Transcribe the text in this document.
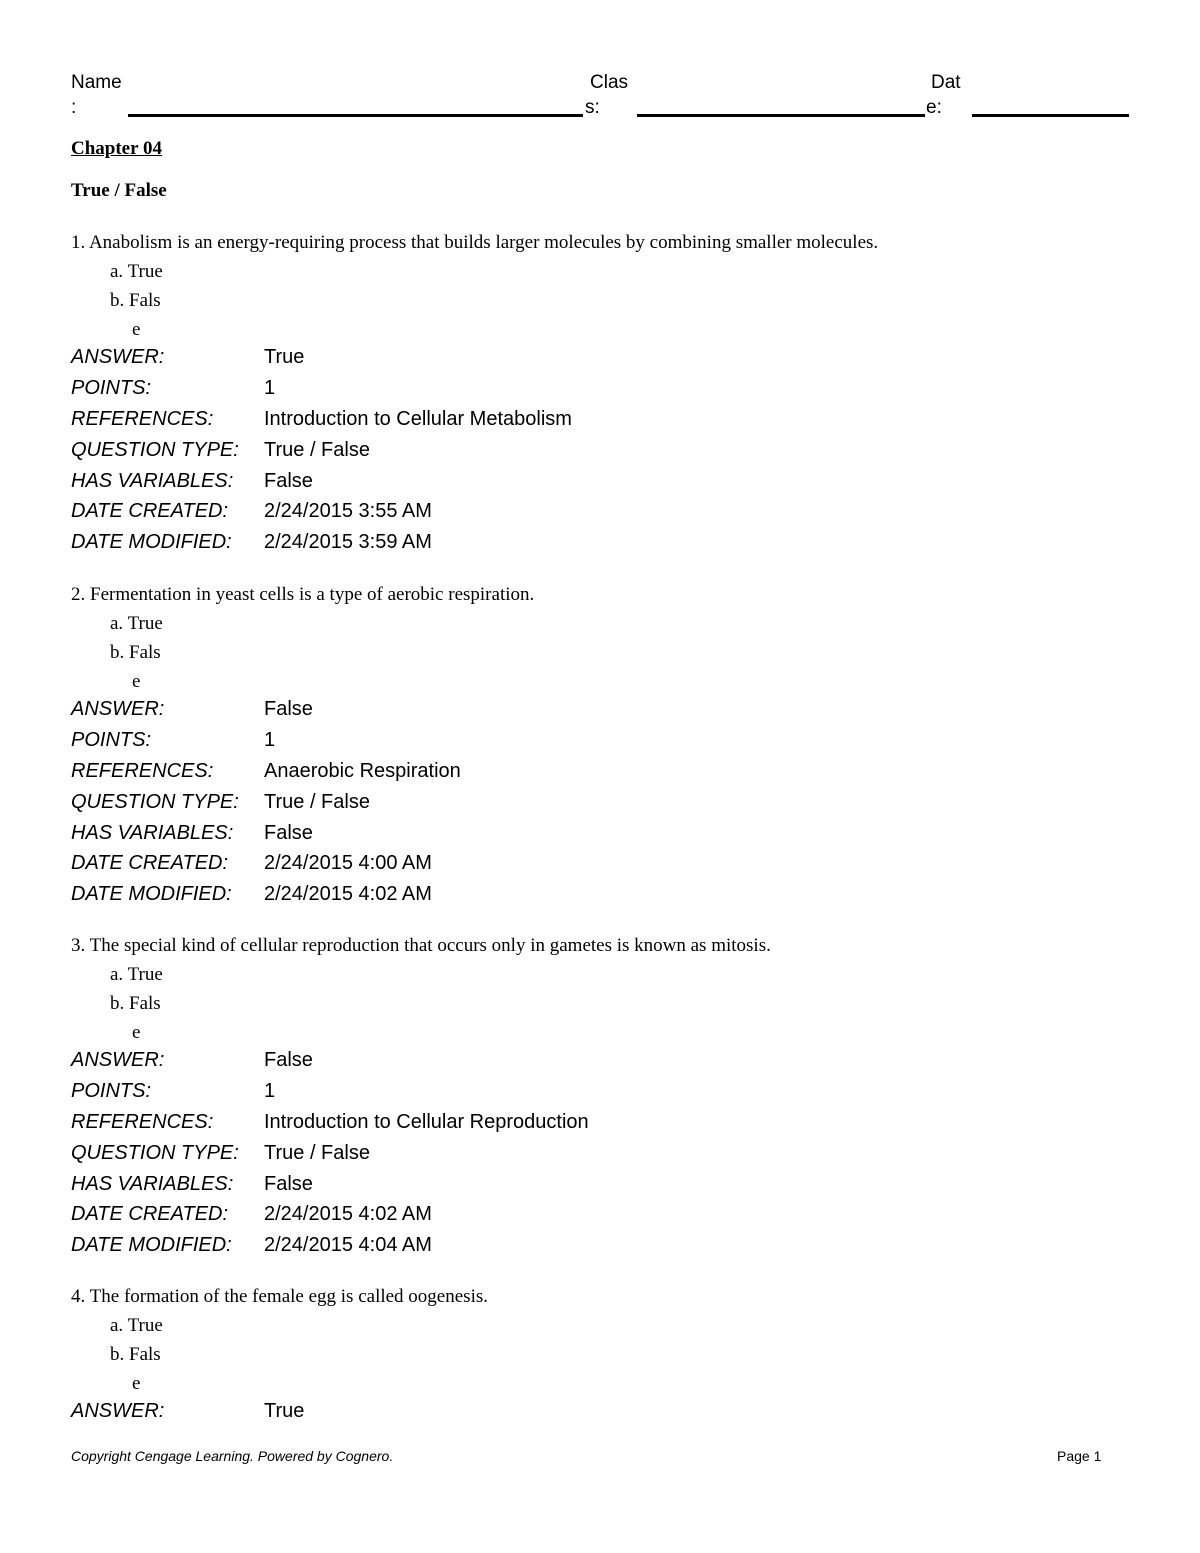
Name
:
Clas
s:
Dat
e:
Chapter 04
True / False
1. Anabolism is an energy-requiring process that builds larger molecules by combining smaller molecules.
a. True
b. Fals
e
ANSWER:	True
POINTS:	1
REFERENCES:	Introduction to Cellular Metabolism
QUESTION TYPE: True / False
HAS VARIABLES: False
DATE CREATED: 2/24/2015 3:55 AM
DATE MODIFIED: 2/24/2015 3:59 AM
2. Fermentation in yeast cells is a type of aerobic respiration.
a. True
b. Fals
e
ANSWER:	False
POINTS:	1
REFERENCES:	Anaerobic Respiration
QUESTION TYPE: True / False
HAS VARIABLES: False
DATE CREATED: 2/24/2015 4:00 AM
DATE MODIFIED: 2/24/2015 4:02 AM
3. The special kind of cellular reproduction that occurs only in gametes is known as mitosis.
a. True
b. Fals
e
ANSWER:	False
POINTS:	1
REFERENCES:	Introduction to Cellular Reproduction
QUESTION TYPE: True / False
HAS VARIABLES: False
DATE CREATED: 2/24/2015 4:02 AM
DATE MODIFIED: 2/24/2015 4:04 AM
4. The formation of the female egg is called oogenesis.
a. True
b. Fals
e
ANSWER:	True
Copyright Cengage Learning. Powered by Cognero.	Page 1
